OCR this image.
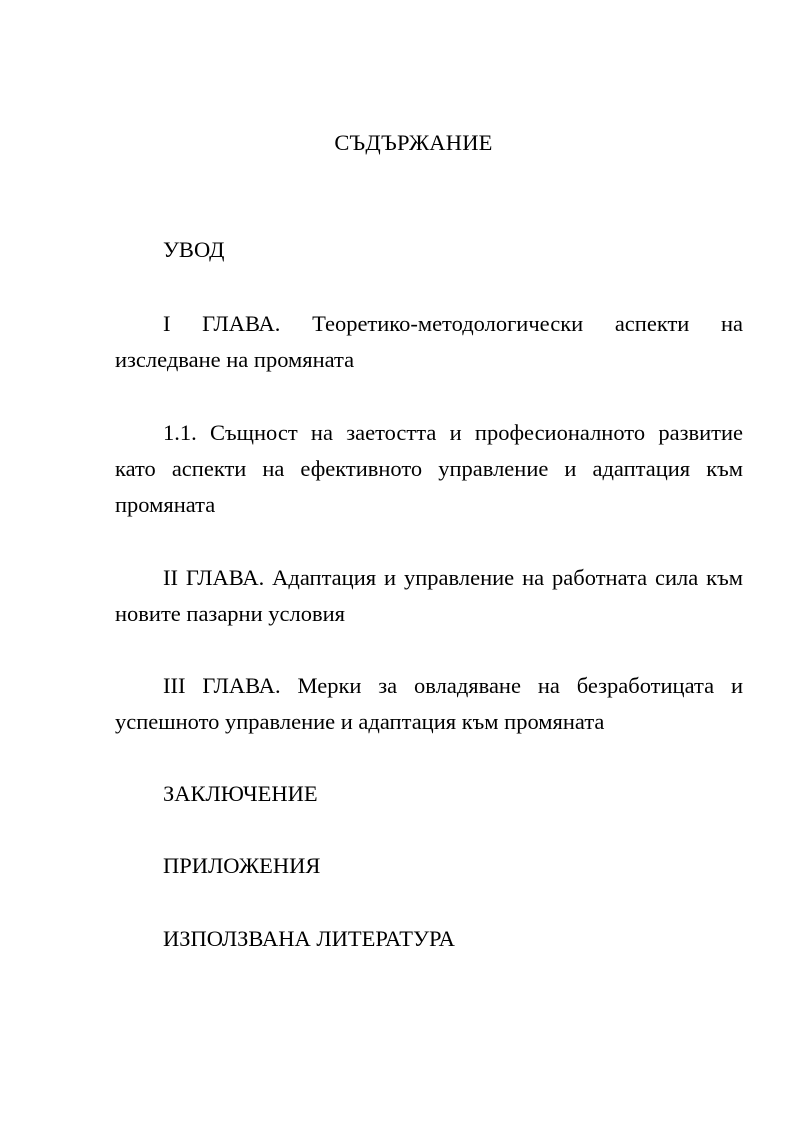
СЪДЪРЖАНИЕ

УВОД

I ГЛАВА. Теоретико-методологически аспекти на изследване на промяната

1.1. Същност на заетостта и професионалното развитие като аспекти на ефективното управление и адаптация към промяната

II ГЛАВА. Адаптация и управление на работната сила към новите пазарни условия

III ГЛАВА. Мерки за овладяване на безработицата и успешното управление и адаптация към промяната

ЗАКЛЮЧЕНИЕ

ПРИЛОЖЕНИЯ

ИЗПОЛЗВАНА ЛИТЕРАТУРА
